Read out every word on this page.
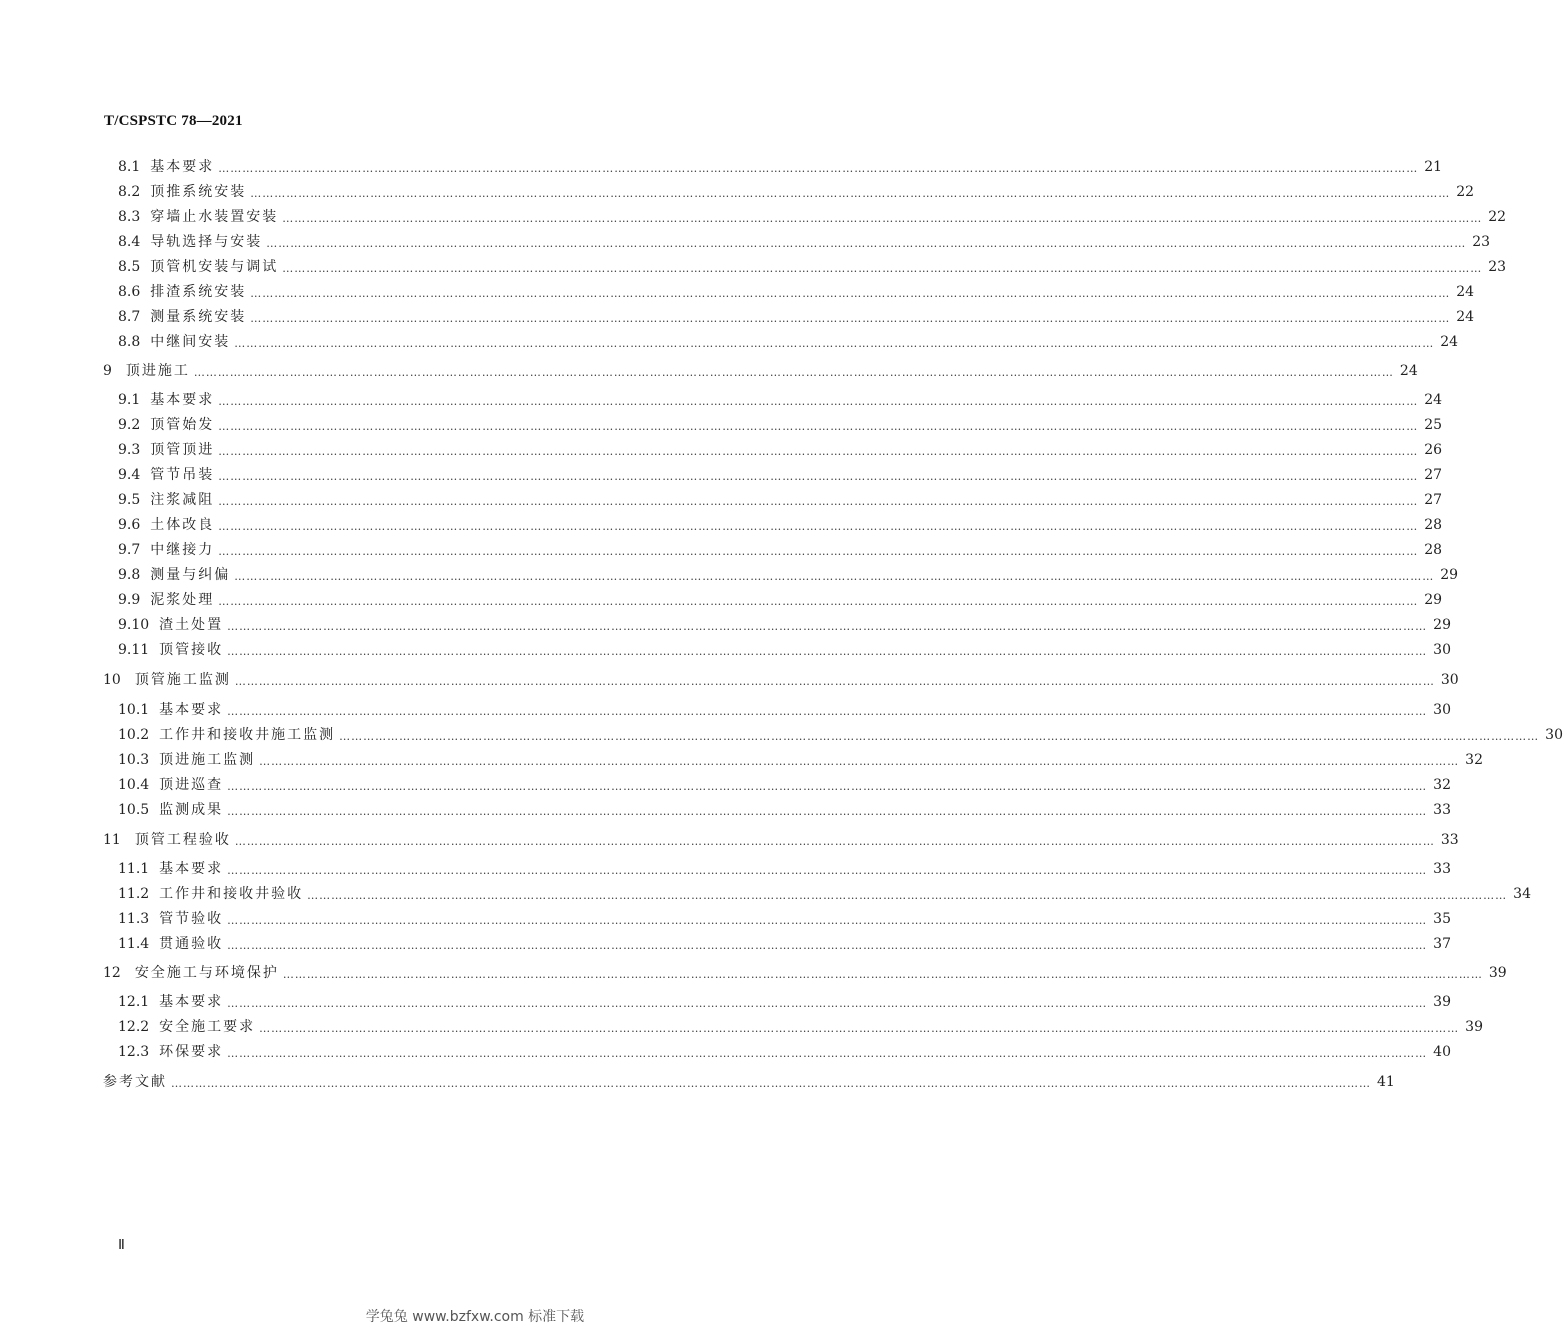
T/CSPSTC 78—2021
8.1 基本要求 ………………………………………………………………………………………………………………………………………………………………………………………………………………………………………………………………………… 21
8.2 顶推系统安装 ………………………………………………………………………………………………………………………………………………………………………………………………………………………………………………………………………… 22
8.3 穿墙止水装置安装 ………………………………………………………………………………………………………………………………………………………………………………………………………………………………………………………………………… 22
8.4 导轨选择与安装 ………………………………………………………………………………………………………………………………………………………………………………………………………………………………………………………………………… 23
8.5 顶管机安装与调试 ………………………………………………………………………………………………………………………………………………………………………………………………………………………………………………………………………… 23
8.6 排渣系统安装 ………………………………………………………………………………………………………………………………………………………………………………………………………………………………………………………………………… 24
8.7 测量系统安装 ………………………………………………………………………………………………………………………………………………………………………………………………………………………………………………………………………… 24
8.8 中继间安装 ………………………………………………………………………………………………………………………………………………………………………………………………………………………………………………………………………… 24
9	顶进施工 ………………………………………………………………………………………………………………………………………………………………………………………………………………………………………………………………………… 24
9.1 基本要求 ………………………………………………………………………………………………………………………………………………………………………………………………………………………………………………………………………… 24
9.2 顶管始发 ………………………………………………………………………………………………………………………………………………………………………………………………………………………………………………………………………… 25
9.3 顶管顶进 ………………………………………………………………………………………………………………………………………………………………………………………………………………………………………………………………………… 26
9.4 管节吊装 ………………………………………………………………………………………………………………………………………………………………………………………………………………………………………………………………………… 27
9.5 注浆减阻 ………………………………………………………………………………………………………………………………………………………………………………………………………………………………………………………………………… 27
9.6 土体改良 ………………………………………………………………………………………………………………………………………………………………………………………………………………………………………………………………………… 28
9.7 中继接力 ………………………………………………………………………………………………………………………………………………………………………………………………………………………………………………………………………… 28
9.8 测量与纠偏 ………………………………………………………………………………………………………………………………………………………………………………………………………………………………………………………………………… 29
9.9 泥浆处理 ………………………………………………………………………………………………………………………………………………………………………………………………………………………………………………………………………… 29
9.10 渣土处置 ………………………………………………………………………………………………………………………………………………………………………………………………………………………………………………………………………… 29
9.11 顶管接收 ………………………………………………………………………………………………………………………………………………………………………………………………………………………………………………………………………… 30
10	顶管施工监测 ………………………………………………………………………………………………………………………………………………………………………………………………………………………………………………………………………… 30
10.1 基本要求 ………………………………………………………………………………………………………………………………………………………………………………………………………………………………………………………………………… 30
10.2 工作井和接收井施工监测 ………………………………………………………………………………………………………………………………………………………………………………………………………………………………………………………………………… 30
10.3 顶进施工监测 ………………………………………………………………………………………………………………………………………………………………………………………………………………………………………………………………………… 32
10.4 顶进巡查 ………………………………………………………………………………………………………………………………………………………………………………………………………………………………………………………………………… 32
10.5 监测成果 ………………………………………………………………………………………………………………………………………………………………………………………………………………………………………………………………………… 33
11	顶管工程验收 ………………………………………………………………………………………………………………………………………………………………………………………………………………………………………………………………………… 33
11.1 基本要求 ………………………………………………………………………………………………………………………………………………………………………………………………………………………………………………………………………… 33
11.2 工作井和接收井验收 ………………………………………………………………………………………………………………………………………………………………………………………………………………………………………………………………………… 34
11.3 管节验收 ………………………………………………………………………………………………………………………………………………………………………………………………………………………………………………………………………… 35
11.4 贯通验收 ………………………………………………………………………………………………………………………………………………………………………………………………………………………………………………………………………… 37
12	安全施工与环境保护 ………………………………………………………………………………………………………………………………………………………………………………………………………………………………………………………………………… 39
12.1 基本要求 ………………………………………………………………………………………………………………………………………………………………………………………………………………………………………………………………………… 39
12.2 安全施工要求 ………………………………………………………………………………………………………………………………………………………………………………………………………………………………………………………………………… 39
12.3 环保要求 ………………………………………………………………………………………………………………………………………………………………………………………………………………………………………………………………………… 40
参考文献 ………………………………………………………………………………………………………………………………………………………………………………………………………………………………………………………………………… 41
Ⅱ
学兔兔 www.bzfxw.com 标准下载
